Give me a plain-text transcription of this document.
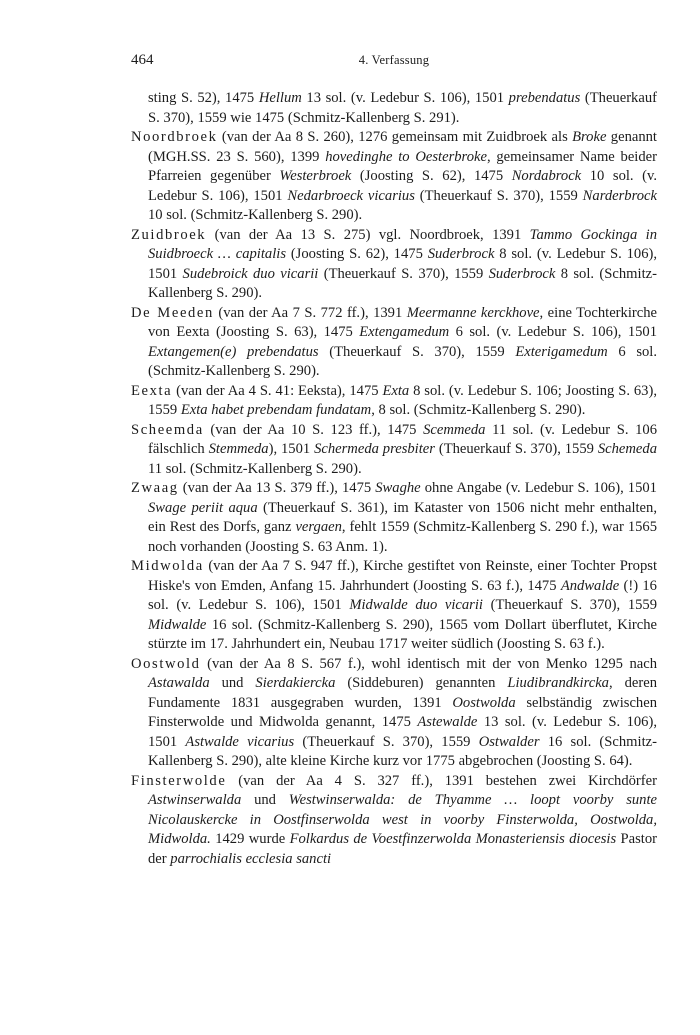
464	4. Verfassung

sting S. 52), 1475 Hellum 13 sol. (v. Ledebur S. 106), 1501 prebendatus (Theuerkauf S. 370), 1559 wie 1475 (Schmitz-Kallenberg S. 291).

Noordbroek (van der Aa 8 S. 260), 1276 gemeinsam mit Zuidbroek als Broke genannt (MGH.SS. 23 S. 560), 1399 hovedinghe to Oesterbroke, gemeinsamer Name beider Pfarreien gegenüber Westerbroek (Joosting S. 62), 1475 Nordabrock 10 sol. (v. Ledebur S. 106), 1501 Nedarbroeck vicarius (Theuerkauf S. 370), 1559 Narderbrock 10 sol. (Schmitz-Kallenberg S. 290).

Zuidbroek (van der Aa 13 S. 275) vgl. Noordbroek, 1391 Tammo Gockinga in Suidbroeck … capitalis (Joosting S. 62), 1475 Suderbrock 8 sol. (v. Ledebur S. 106), 1501 Sudebroick duo vicarii (Theuerkauf S. 370), 1559 Suderbrock 8 sol. (Schmitz-Kallenberg S. 290).

De Meeden (van der Aa 7 S. 772 ff.), 1391 Meermanne kerckhove, eine Tochterkirche von Eexta (Joosting S. 63), 1475 Extengamedum 6 sol. (v. Ledebur S. 106), 1501 Extangemen(e) prebendatus (Theuerkauf S. 370), 1559 Exterigamedum 6 sol. (Schmitz-Kallenberg S. 290).

Eexta (van der Aa 4 S. 41: Eeksta), 1475 Exta 8 sol. (v. Ledebur S. 106; Joosting S. 63), 1559 Exta habet prebendam fundatam, 8 sol. (Schmitz-Kallenberg S. 290).

Scheemda (van der Aa 10 S. 123 ff.), 1475 Scemmeda 11 sol. (v. Ledebur S. 106 fälschlich Stemmeda), 1501 Schermeda presbiter (Theuerkauf S. 370), 1559 Schemeda 11 sol. (Schmitz-Kallenberg S. 290).

Zwaag (van der Aa 13 S. 379 ff.), 1475 Swaghe ohne Angabe (v. Ledebur S. 106), 1501 Swage periit aqua (Theuerkauf S. 361), im Kataster von 1506 nicht mehr enthalten, ein Rest des Dorfs, ganz vergaen, fehlt 1559 (Schmitz-Kallenberg S. 290 f.), war 1565 noch vorhanden (Joosting S. 63 Anm. 1).

Midwolda (van der Aa 7 S. 947 ff.), Kirche gestiftet von Reinste, einer Tochter Propst Hiske's von Emden, Anfang 15. Jahrhundert (Joosting S. 63 f.), 1475 Andwalde (!) 16 sol. (v. Ledebur S. 106), 1501 Midwalde duo vicarii (Theuerkauf S. 370), 1559 Midwalde 16 sol. (Schmitz-Kallenberg S. 290), 1565 vom Dollart überflutet, Kirche stürzte im 17. Jahrhundert ein, Neubau 1717 weiter südlich (Joosting S. 63 f.).

Oostwold (van der Aa 8 S. 567 f.), wohl identisch mit der von Menko 1295 nach Astawalda und Sierdakiercka (Siddeburen) genannten Liudibrandkircka, deren Fundamente 1831 ausgegraben wurden, 1391 Oostwolda selbständig zwischen Finsterwolde und Midwolda genannt, 1475 Astewalde 13 sol. (v. Ledebur S. 106), 1501 Astwalde vicarius (Theuerkauf S. 370), 1559 Ostwalder 16 sol. (Schmitz-Kallenberg S. 290), alte kleine Kirche kurz vor 1775 abgebrochen (Joosting S. 64).

Finsterwolde (van der Aa 4 S. 327 ff.), 1391 bestehen zwei Kirchdörfer Astwinserwalda und Westwinserwalda: de Thyamme … loopt voorby sunte Nicolauskercke in Oostfinserwolda west in voorby Finsterwolda, Oostwolda, Midwolda. 1429 wurde Folkardus de Voestfinzerwolda Monasteriensis diocesis Pastor der parrochialis ecclesia sancti
